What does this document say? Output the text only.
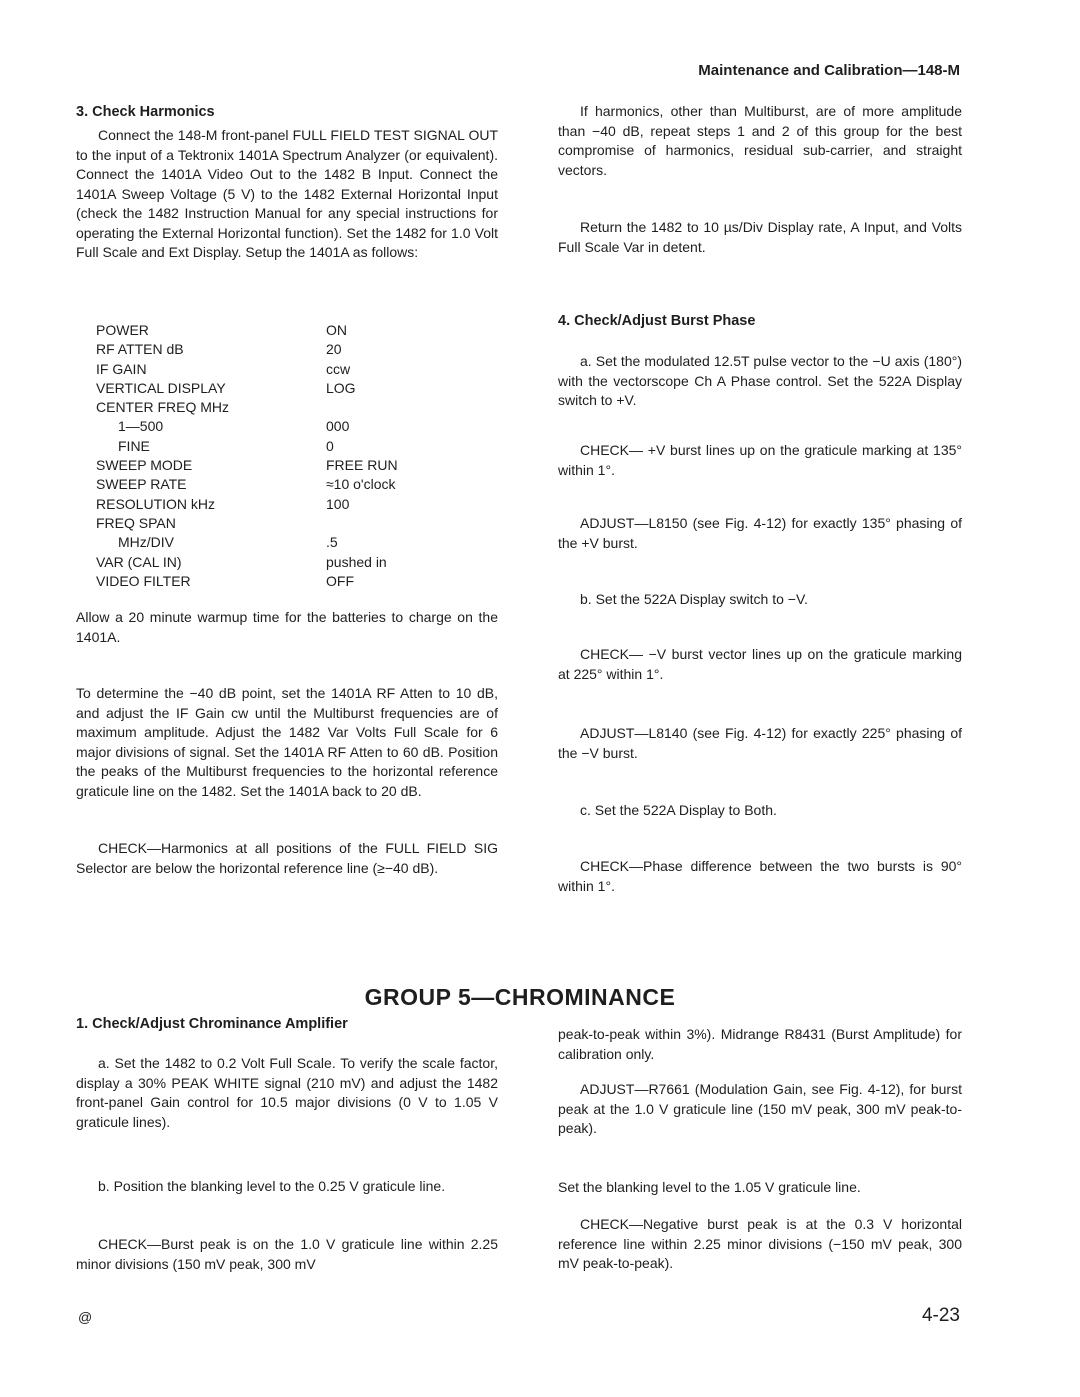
Maintenance and Calibration—148-M
3. Check Harmonics
Connect the 148-M front-panel FULL FIELD TEST SIGNAL OUT to the input of a Tektronix 1401A Spectrum Analyzer (or equivalent). Connect the 1401A Video Out to the 1482 B Input. Connect the 1401A Sweep Voltage (5 V) to the 1482 External Horizontal Input (check the 1482 Instruction Manual for any special instructions for operating the External Horizontal function). Set the 1482 for 1.0 Volt Full Scale and Ext Display. Setup the 1401A as follows:
POWER	ON
RF ATTEN dB	20
IF GAIN	ccw
VERTICAL DISPLAY	LOG
CENTER FREQ MHz	
1—500	000
FINE	0
SWEEP MODE	FREE RUN
SWEEP RATE	≈10 o'clock
RESOLUTION kHz	100
FREQ SPAN	
MHz/DIV	.5
VAR (CAL IN)	pushed in
VIDEO FILTER	OFF
Allow a 20 minute warmup time for the batteries to charge on the 1401A.
To determine the −40 dB point, set the 1401A RF Atten to 10 dB, and adjust the IF Gain cw until the Multiburst frequencies are of maximum amplitude. Adjust the 1482 Var Volts Full Scale for 6 major divisions of signal. Set the 1401A RF Atten to 60 dB. Position the peaks of the Multiburst frequencies to the horizontal reference graticule line on the 1482. Set the 1401A back to 20 dB.
CHECK—Harmonics at all positions of the FULL FIELD SIG Selector are below the horizontal reference line (≥−40 dB).
If harmonics, other than Multiburst, are of more amplitude than −40 dB, repeat steps 1 and 2 of this group for the best compromise of harmonics, residual sub-carrier, and straight vectors.
Return the 1482 to 10 µs/Div Display rate, A Input, and Volts Full Scale Var in detent.
4. Check/Adjust Burst Phase
a. Set the modulated 12.5T pulse vector to the −U axis (180°) with the vectorscope Ch A Phase control. Set the 522A Display switch to +V.
CHECK— +V burst lines up on the graticule marking at 135° within 1°.
ADJUST—L8150 (see Fig. 4-12) for exactly 135° phasing of the +V burst.
b. Set the 522A Display switch to −V.
CHECK— −V burst vector lines up on the graticule marking at 225° within 1°.
ADJUST—L8140 (see Fig. 4-12) for exactly 225° phasing of the −V burst.
c. Set the 522A Display to Both.
CHECK—Phase difference between the two bursts is 90° within 1°.
GROUP 5—CHROMINANCE
1. Check/Adjust Chrominance Amplifier
a. Set the 1482 to 0.2 Volt Full Scale. To verify the scale factor, display a 30% PEAK WHITE signal (210 mV) and adjust the 1482 front-panel Gain control for 10.5 major divisions (0 V to 1.05 V graticule lines).
b. Position the blanking level to the 0.25 V graticule line.
CHECK—Burst peak is on the 1.0 V graticule line within 2.25 minor divisions (150 mV peak, 300 mV
peak-to-peak within 3%). Midrange R8431 (Burst Amplitude) for calibration only.
ADJUST—R7661 (Modulation Gain, see Fig. 4-12), for burst peak at the 1.0 V graticule line (150 mV peak, 300 mV peak-to-peak).
Set the blanking level to the 1.05 V graticule line.
CHECK—Negative burst peak is at the 0.3 V horizontal reference line within 2.25 minor divisions (−150 mV peak, 300 mV peak-to-peak).
@	4-23
